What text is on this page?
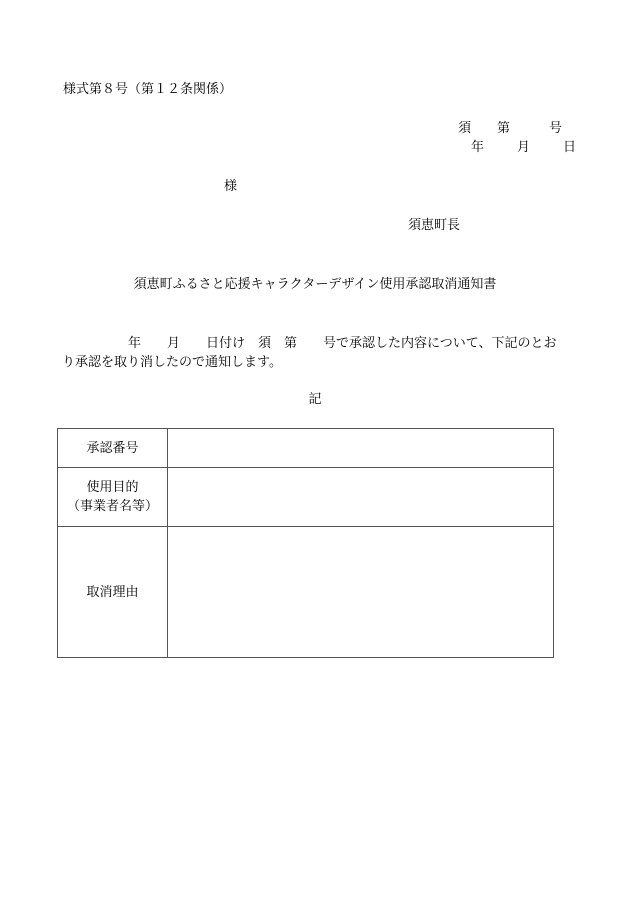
様式第８号（第１２条関係）
須 第	号
年	月	日
様
須恵町長
須恵町ふるさと応援キャラクターデザイン使用承認取消通知書
　　　　　年　　月　　日付け　須　第　　号で承認した内容について、下記のとお
り承認を取り消したので通知します。
記
承認番号	

使用目的
（事業者名等）	

取消理由	
